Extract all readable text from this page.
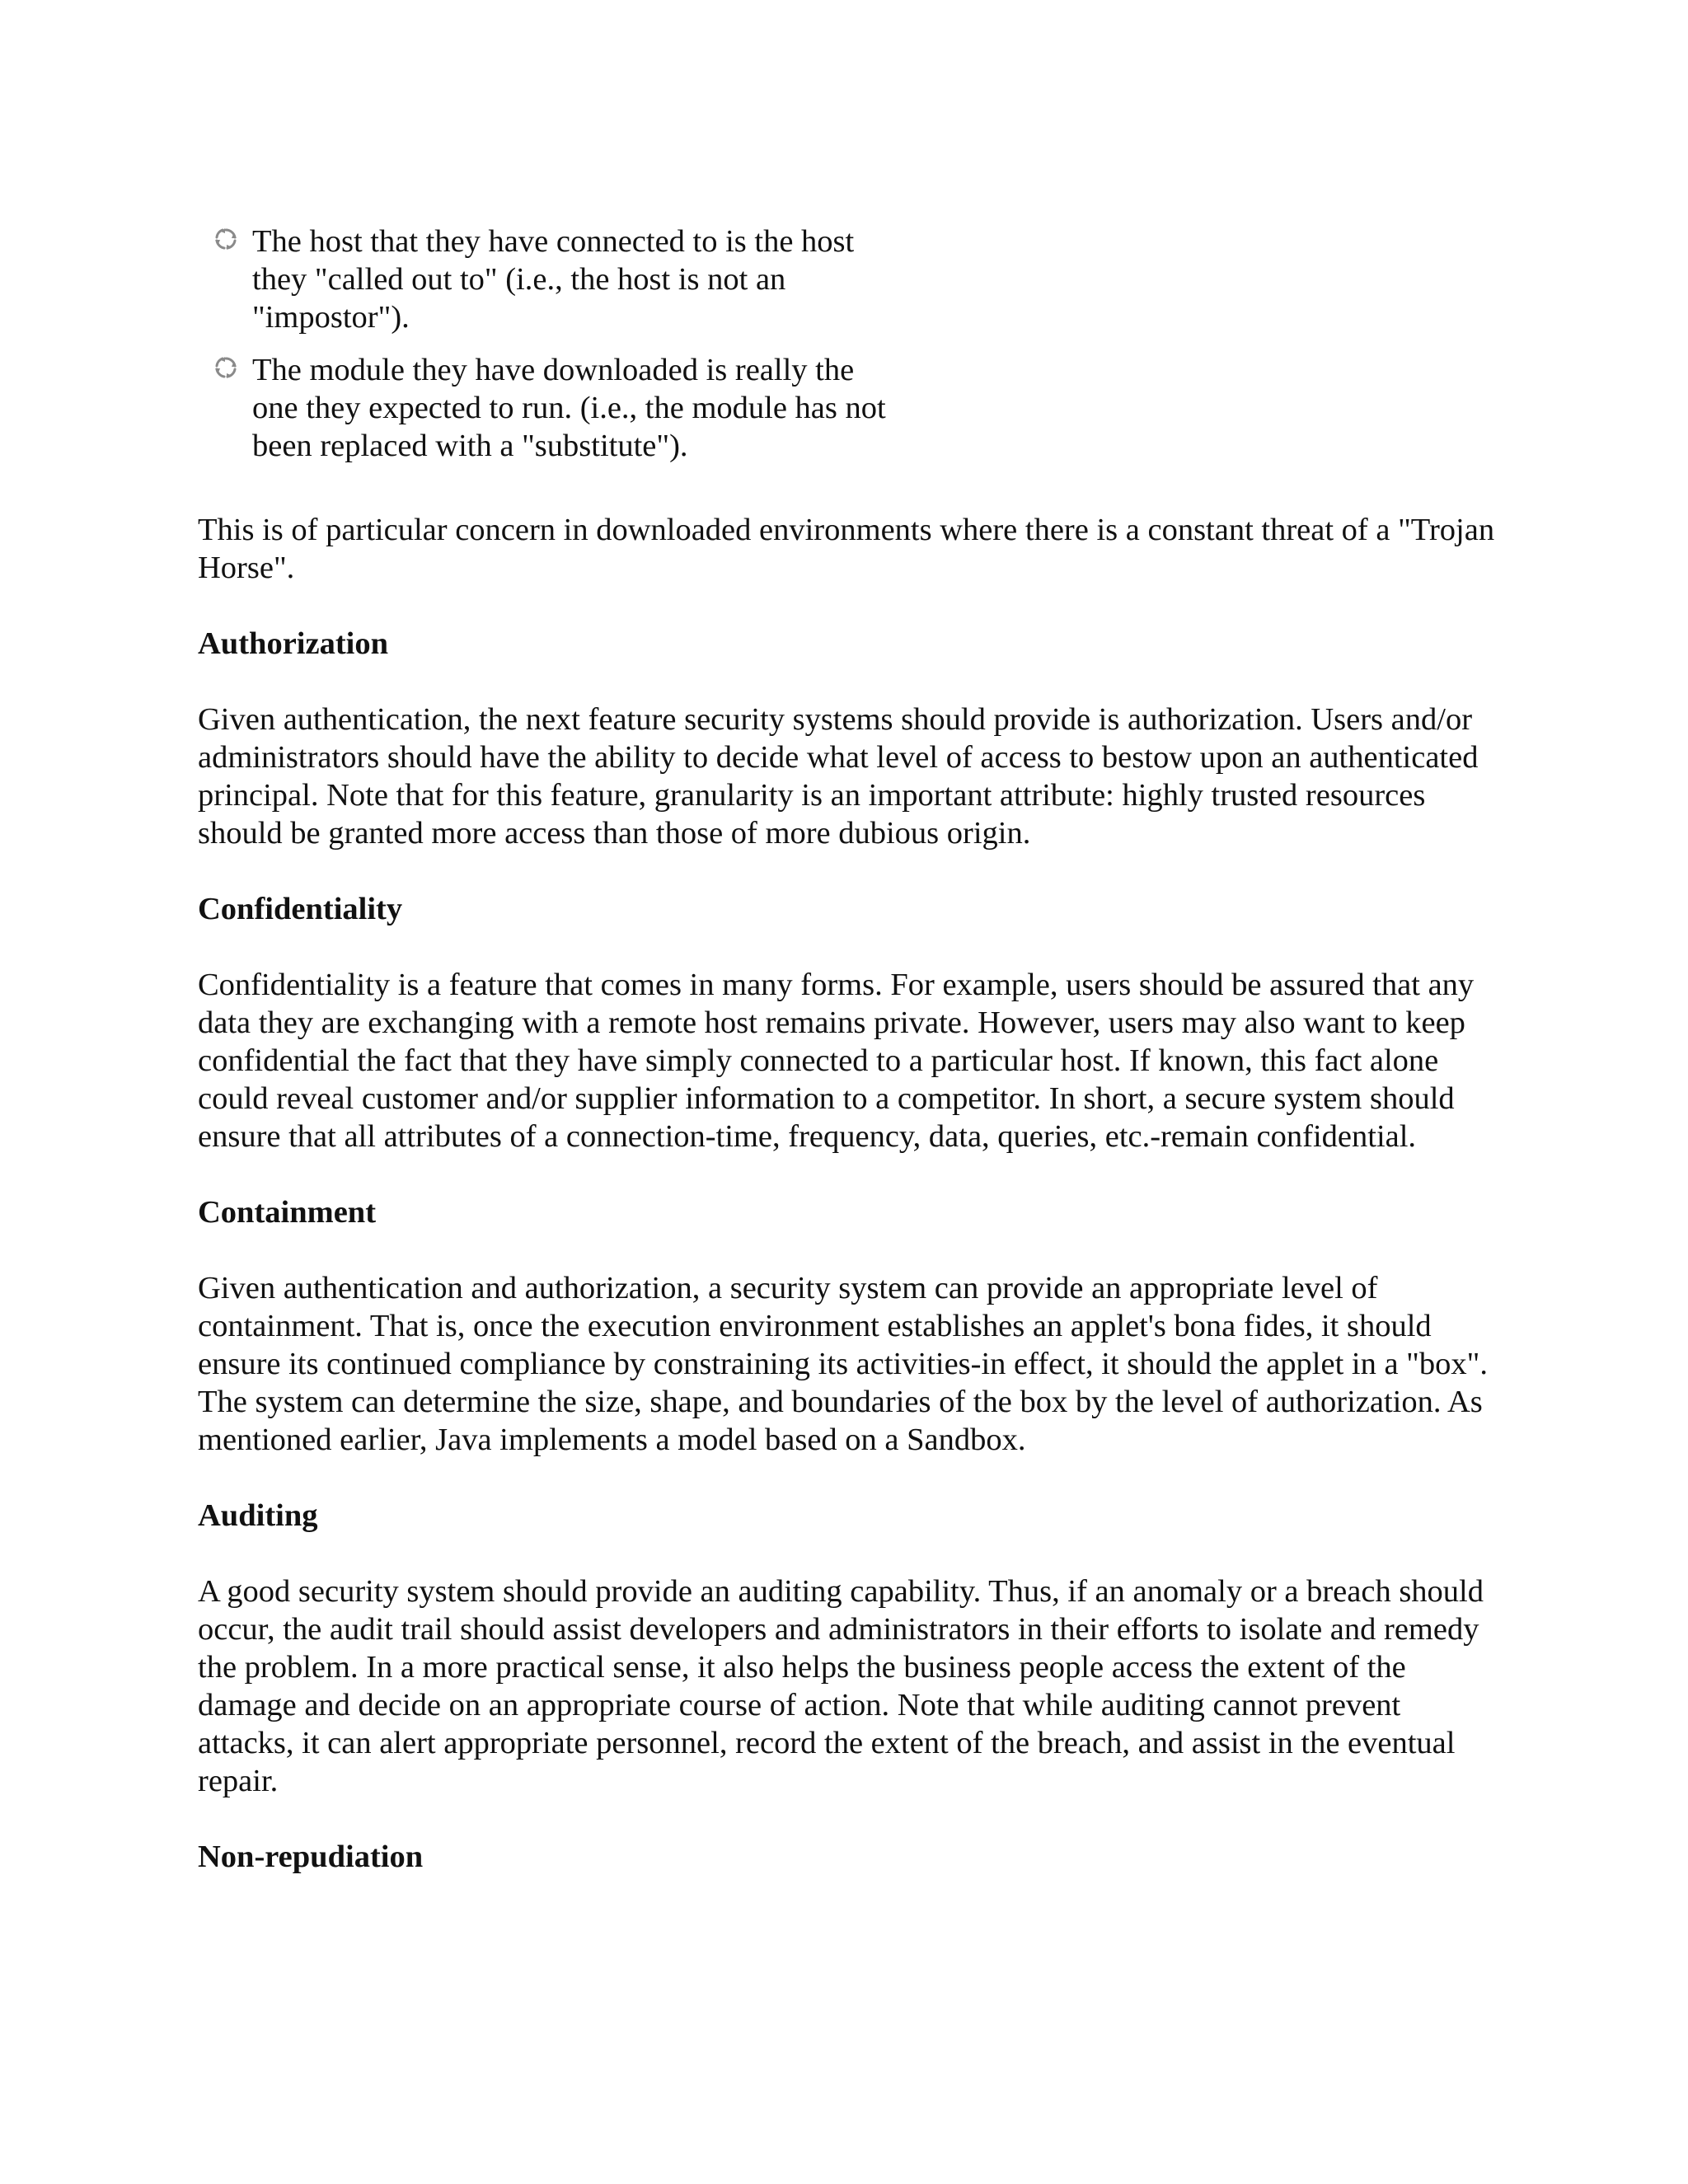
The host that they have connected to is the host they "called out to" (i.e., the host is not an "impostor").
The module they have downloaded is really the one they expected to run. (i.e., the module has not been replaced with a "substitute").

This is of particular concern in downloaded environments where there is a constant threat of a "Trojan Horse".

Authorization

Given authentication, the next feature security systems should provide is authorization. Users and/or administrators should have the ability to decide what level of access to bestow upon an authenticated principal. Note that for this feature, granularity is an important attribute: highly trusted resources should be granted more access than those of more dubious origin.

Confidentiality

Confidentiality is a feature that comes in many forms. For example, users should be assured that any data they are exchanging with a remote host remains private. However, users may also want to keep confidential the fact that they have simply connected to a particular host. If known, this fact alone could reveal customer and/or supplier information to a competitor. In short, a secure system should ensure that all attributes of a connection-time, frequency, data, queries, etc.-remain confidential.

Containment

Given authentication and authorization, a security system can provide an appropriate level of containment. That is, once the execution environment establishes an applet's bona fides, it should ensure its continued compliance by constraining its activities-in effect, it should the applet in a "box". The system can determine the size, shape, and boundaries of the box by the level of authorization. As mentioned earlier, Java implements a model based on a Sandbox.

Auditing

A good security system should provide an auditing capability. Thus, if an anomaly or a breach should occur, the audit trail should assist developers and administrators in their efforts to isolate and remedy the problem. In a more practical sense, it also helps the business people access the extent of the damage and decide on an appropriate course of action. Note that while auditing cannot prevent attacks, it can alert appropriate personnel, record the extent of the breach, and assist in the eventual repair.

Non-repudiation
